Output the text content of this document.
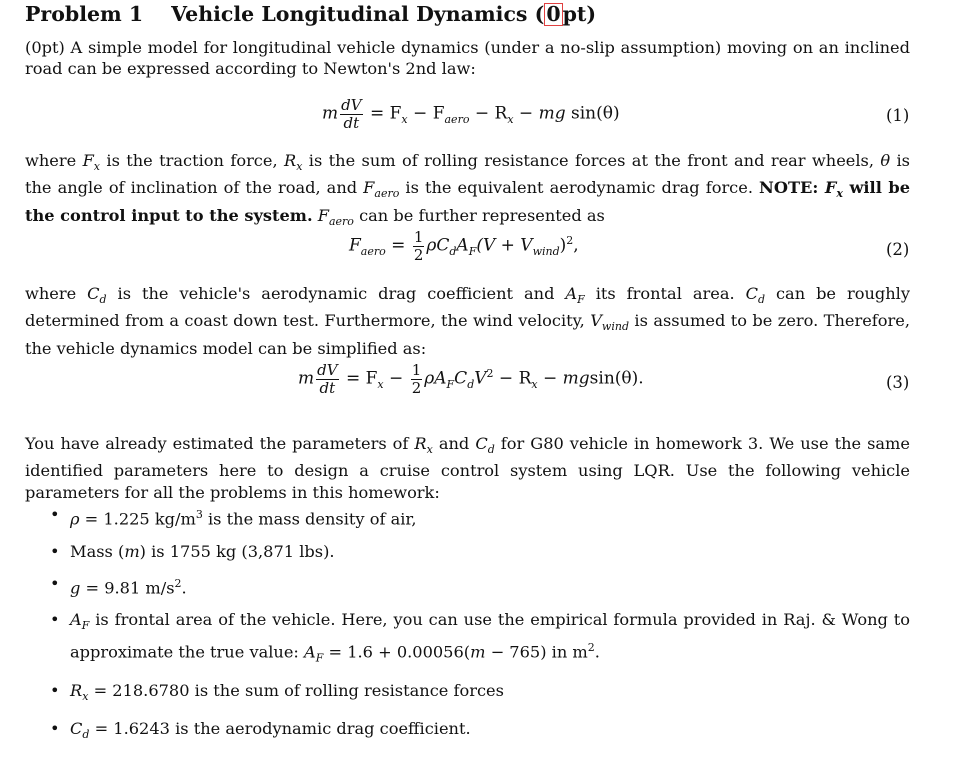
Problem 1 Vehicle Longitudinal Dynamics (0pt)
(0pt) A simple model for longitudinal vehicle dynamics (under a no-slip assumption) moving on an inclined road can be expressed according to Newton's 2nd law:
m $\frac{dV}{dt} = F_x - F_{aero} - R_x$ − mg sin(θ)	(1)
where $F_x$ is the traction force, $R_x$ is the sum of rolling resistance forces at the front and rear wheels, θ is the angle of inclination of the road, and $F_{aero}$ is the equivalent aerodynamic drag force. NOTE: $F_x$ will be the control input to the system. $F_{aero}$ can be further represented as
$F_{aero} = \frac{1}{2} \rho C_dA_F(V + V_{wind})^2$,	(2)
where $C_d$ is the vehicle's aerodynamic drag coefficient and $A_F$ its frontal area. $C_d$ can be roughly determined from a coast down test. Furthermore, the wind velocity, $V_{wind}$ is assumed to be zero. Therefore, the vehicle dynamics model can be simplified as:
m $\frac{dV}{dt} = F_x - \frac{1}{2} \rho A_FC_dV^2 - R_x - mgsin(\theta)$.	(3)
You have already estimated the parameters of $R_x$ and $C_d$ for G80 vehicle in homework 3. We use the same identified parameters here to design a cruise control system using LQR. Use the following vehicle parameters for all the problems in this homework:
• ρ = 1.225 $kg/m^3$ is the mass density of air,
• Mass (m) is 1755 kg (3,871 lbs).
• g = 9.81 $m/s^2$.
• $A_F$ is frontal area of the vehicle. Here, you can use the empirical formula provided in Raj. & Wong to approximate the true value: $A_F = 1.6 + 0.00056(m - 765)$ in $m^2$.
• $R_x = 218.6780$ is the sum of rolling resistance forces
• $C_d = 1.6243$ is the aerodynamic drag coefficient.
